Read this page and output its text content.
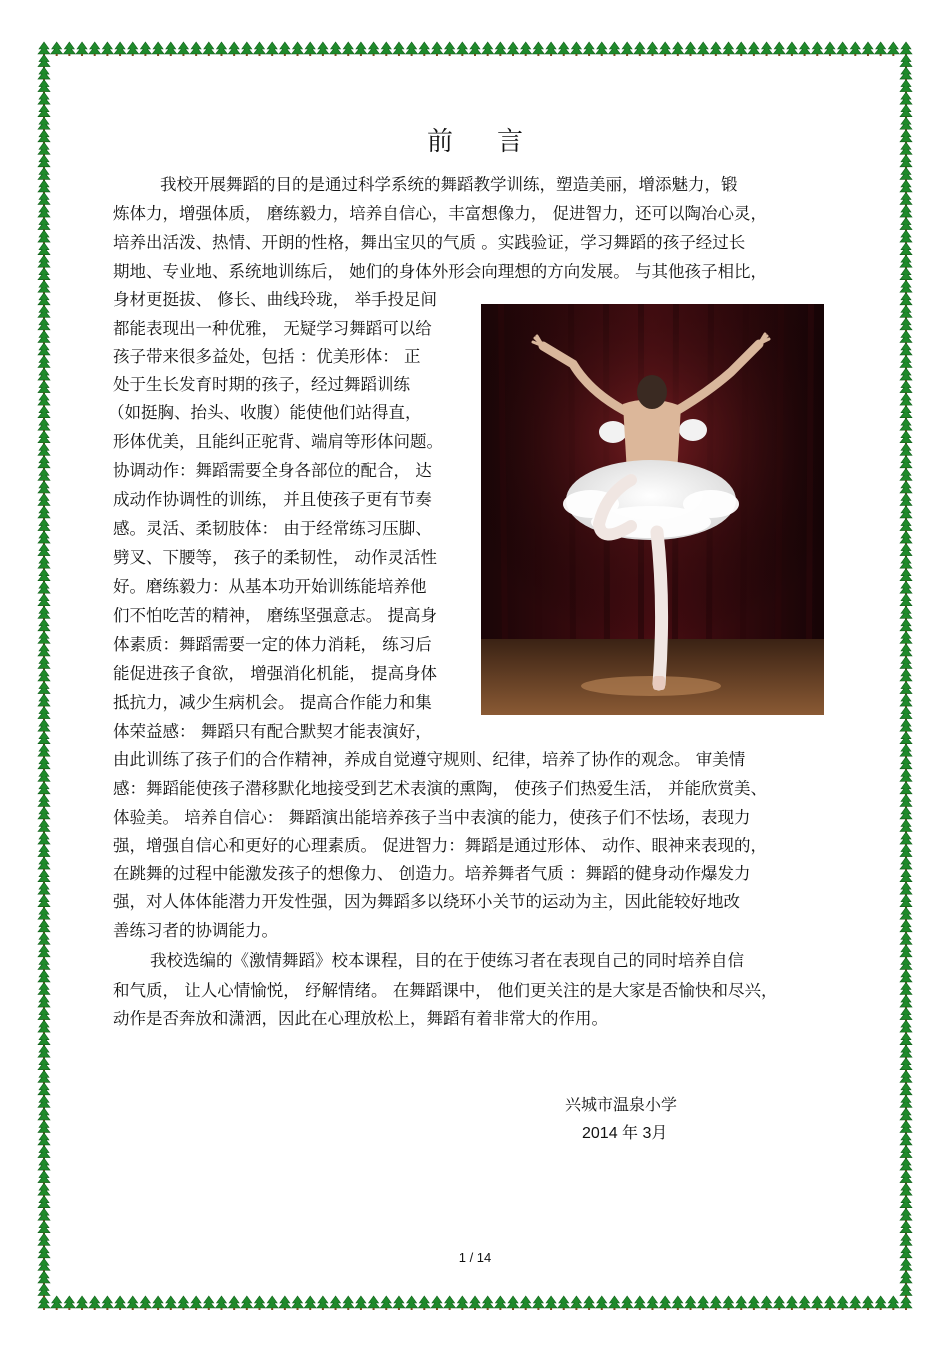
前言
我校开展舞蹈的目的是通过科学系统的舞蹈教学训练，塑造美丽，增添魅力，锻
炼体力，增强体质， 磨练毅力，培养自信心，丰富想像力， 促进智力，还可以陶冶心灵，
培养出活泼、热情、开朗的性格，舞出宝贝的气质 。实践验证，学习舞蹈的孩子经过长
期地、专业地、系统地训练后， 她们的身体外形会向理想的方向发展。 与其他孩子相比，
身材更挺拔、 修长、曲线玲珑， 举手投足间
都能表现出一种优雅， 无疑学习舞蹈可以给
孩子带来很多益处，包括 ：优美形体： 正
处于生长发育时期的孩子，经过舞蹈训练
（如挺胸、抬头、收腹）能使他们站得直，
形体优美，且能纠正驼背、端肩等形体问题。
协调动作：舞蹈需要全身各部位的配合， 达
成动作协调性的训练， 并且使孩子更有节奏
感。灵活、柔韧肢体： 由于经常练习压脚、
劈叉、下腰等， 孩子的柔韧性， 动作灵活性
好。磨练毅力：从基本功开始训练能培养他
们不怕吃苦的精神， 磨练坚强意志。 提高身
体素质：舞蹈需要一定的体力消耗， 练习后
能促进孩子食欲， 增强消化机能， 提高身体
抵抗力，减少生病机会。 提高合作能力和集
体荣益感： 舞蹈只有配合默契才能表演好，
由此训练了孩子们的合作精神，养成自觉遵守规则、纪律，培养了协作的观念。 审美情
感：舞蹈能使孩子潜移默化地接受到艺术表演的熏陶， 使孩子们热爱生活， 并能欣赏美、
体验美。 培养自信心： 舞蹈演出能培养孩子当中表演的能力，使孩子们不怯场，表现力
强，增强自信心和更好的心理素质。 促进智力：舞蹈是通过形体、 动作、眼神来表现的，
在跳舞的过程中能激发孩子的想像力、 创造力。培养舞者气质 ：舞蹈的健身动作爆发力
强，对人体体能潜力开发性强，因为舞蹈多以绕环小关节的运动为主，因此能较好地改
善练习者的协调能力。
我校选编的《激情舞蹈》校本课程，目的在于使练习者在表现自己的同时培养自信
和气质， 让人心情愉悦， 纾解情绪。 在舞蹈课中， 他们更关注的是大家是否愉快和尽兴，
动作是否奔放和潇洒，因此在心理放松上，舞蹈有着非常大的作用。
兴城市温泉小学
2014 年 3月
1 / 14
